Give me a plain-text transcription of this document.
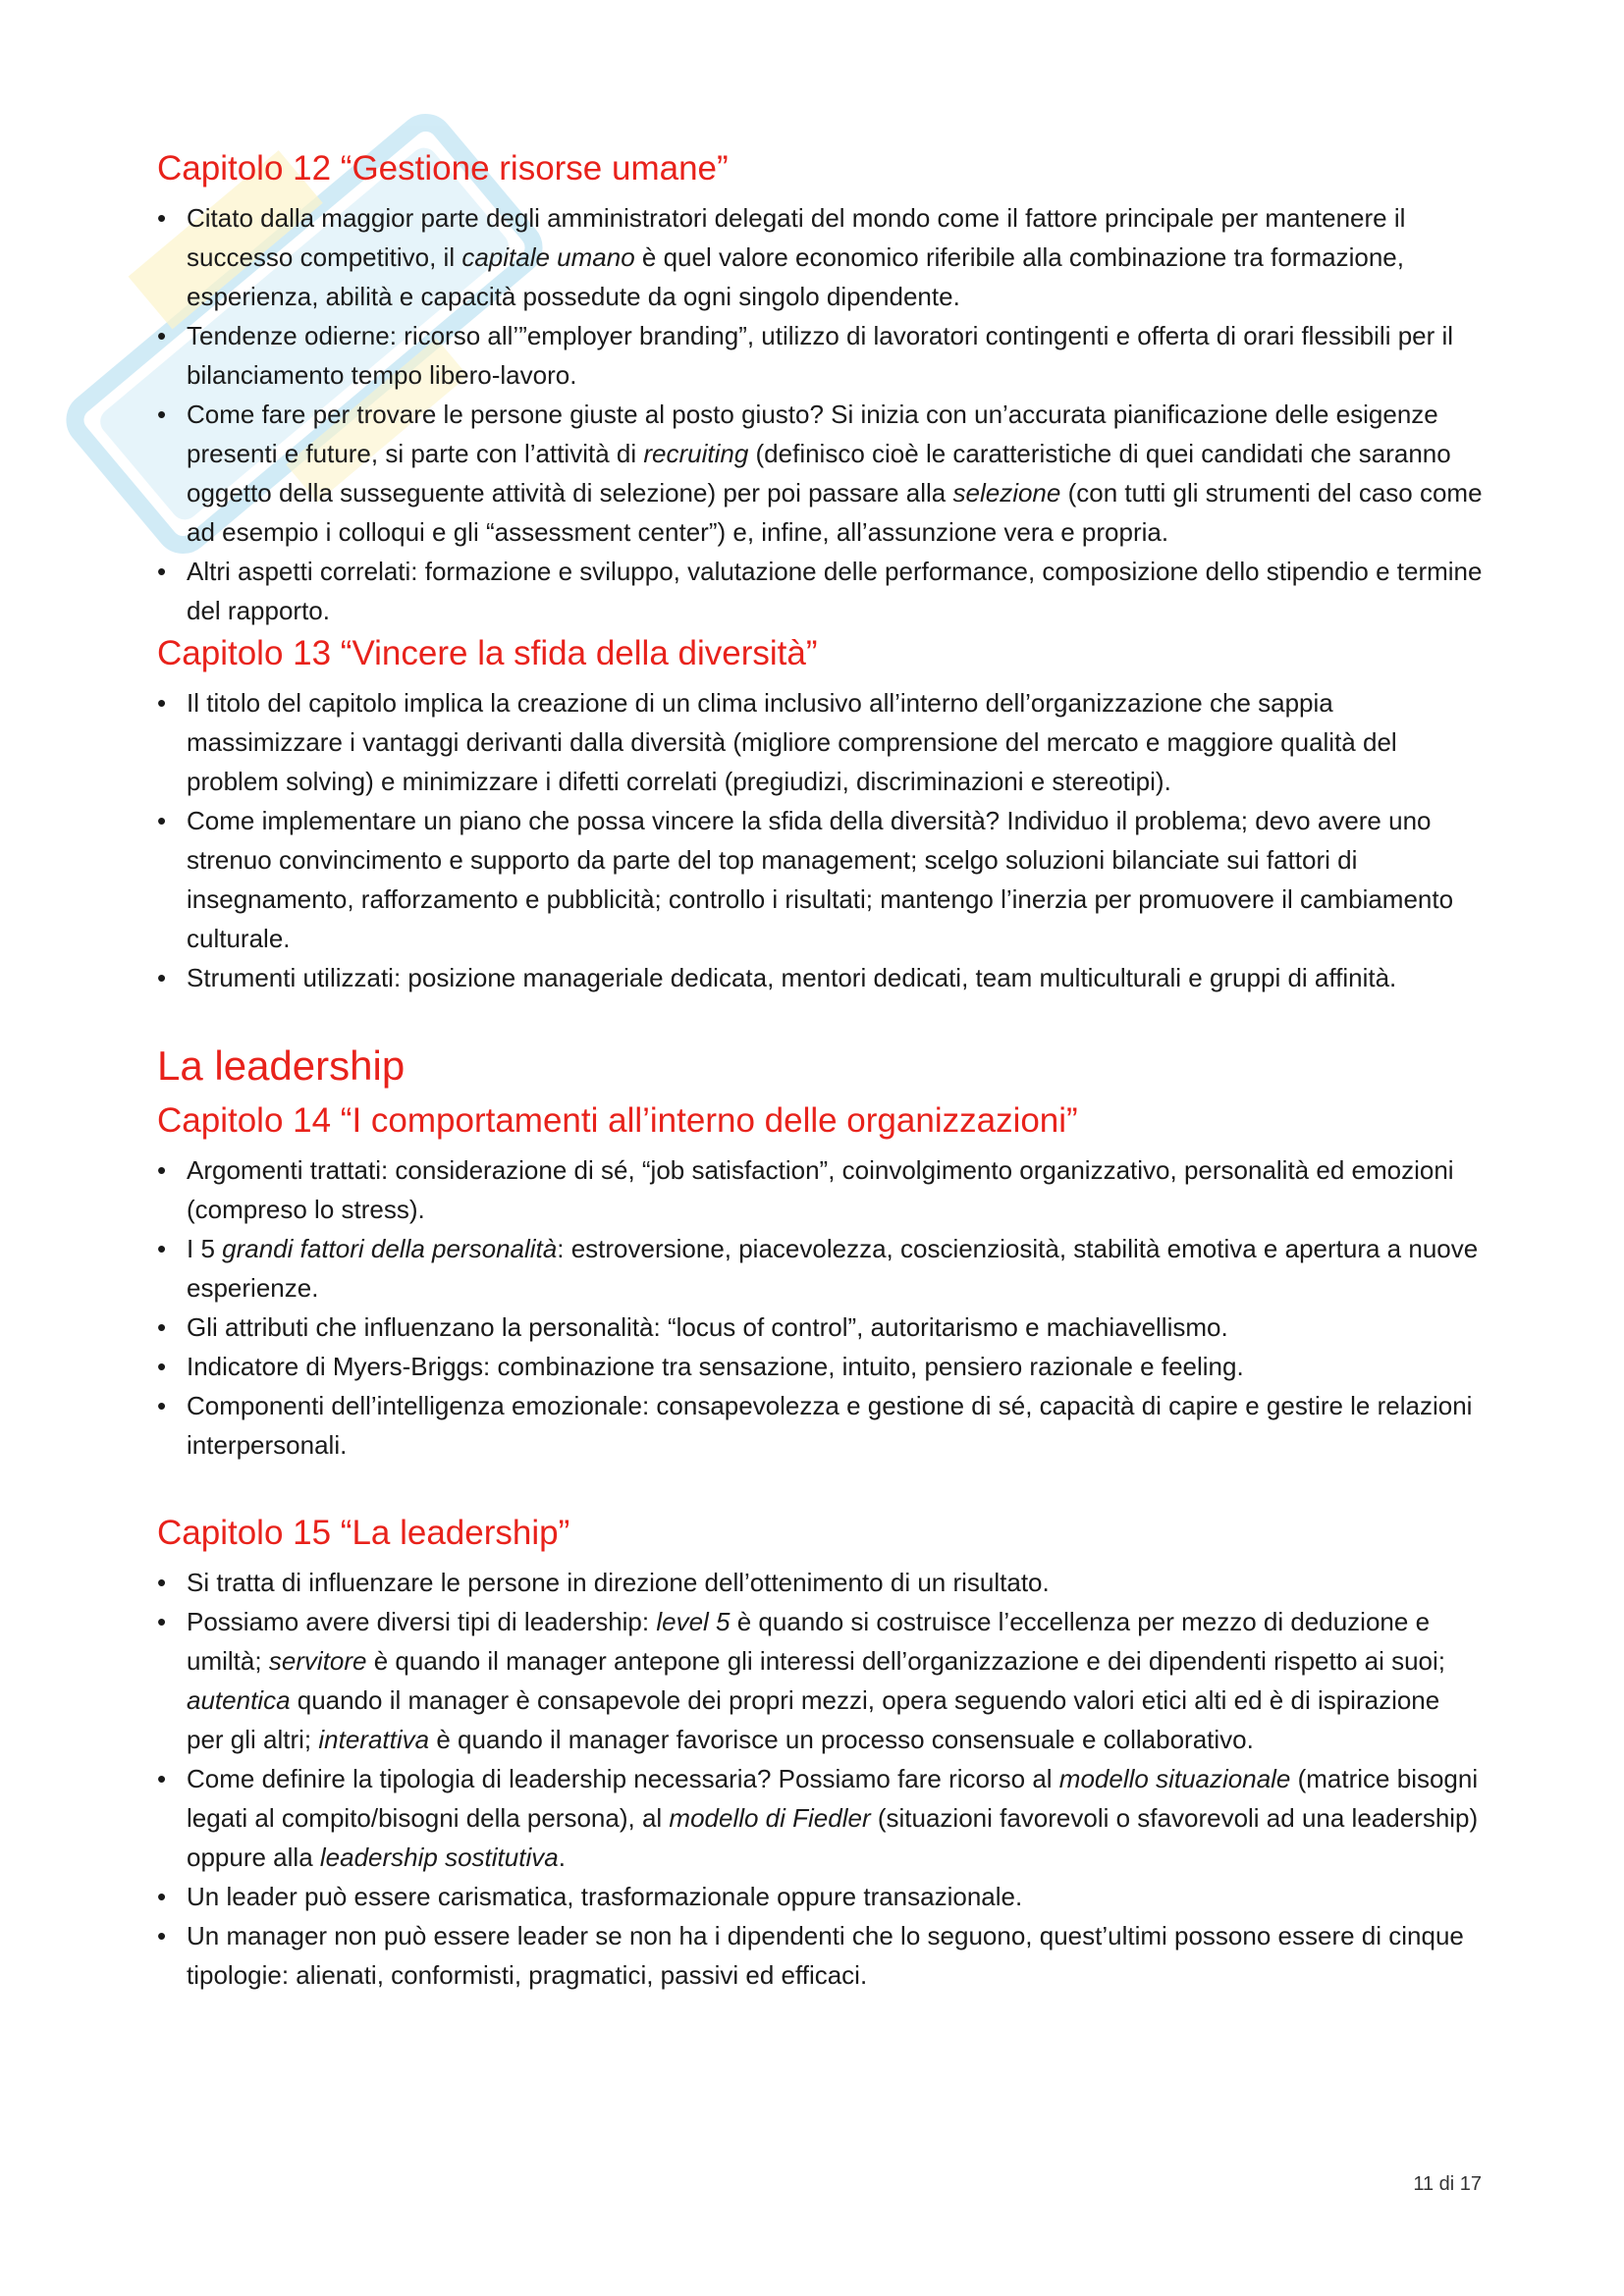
Capitolo 12 “Gestione risorse umane”
• Citato dalla maggior parte degli amministratori delegati del mondo come il fattore principale per mantenere il successo competitivo, il capitale umano è quel valore economico riferibile alla combinazione tra formazione, esperienza, abilità e capacità possedute da ogni singolo dipendente.
• Tendenze odierne: ricorso all’”employer branding”, utilizzo di lavoratori contingenti e offerta di orari flessibili per il bilanciamento tempo libero-lavoro.
• Come fare per trovare le persone giuste al posto giusto? Si inizia con un’accurata pianificazione delle esigenze presenti e future, si parte con l’attività di recruiting (definisco cioè le caratteristiche di quei candidati che saranno oggetto della susseguente attività di selezione) per poi passare alla selezione (con tutti gli strumenti del caso come ad esempio i colloqui e gli “assessment center”) e, infine, all’assunzione vera e propria.
• Altri aspetti correlati: formazione e sviluppo, valutazione delle performance, composizione dello stipendio e termine del rapporto.
Capitolo 13 “Vincere la sfida della diversità”
• Il titolo del capitolo implica la creazione di un clima inclusivo all’interno dell’organizzazione che sappia massimizzare i vantaggi derivanti dalla diversità (migliore comprensione del mercato e maggiore qualità del problem solving) e minimizzare i difetti correlati (pregiudizi, discriminazioni e stereotipi).
• Come implementare un piano che possa vincere la sfida della diversità? Individuo il problema; devo avere uno strenuo convincimento e supporto da parte del top management; scelgo soluzioni bilanciate sui fattori di insegnamento, rafforzamento e pubblicità; controllo i risultati; mantengo l’inerzia per promuovere il cambiamento culturale.
• Strumenti utilizzati: posizione manageriale dedicata, mentori dedicati, team multiculturali e gruppi di affinità.
La leadership
Capitolo 14 “I comportamenti all’interno delle organizzazioni”
• Argomenti trattati: considerazione di sé, “job satisfaction”, coinvolgimento organizzativo, personalità ed emozioni (compreso lo stress).
• I 5 grandi fattori della personalità: estroversione, piacevolezza, coscienziosità, stabilità emotiva e apertura a nuove esperienze.
• Gli attributi che influenzano la personalità: “locus of control”, autoritarismo e machiavellismo.
• Indicatore di Myers-Briggs: combinazione tra sensazione, intuito, pensiero razionale e feeling.
• Componenti dell’intelligenza emozionale: consapevolezza e gestione di sé, capacità di capire e gestire le relazioni interpersonali.
Capitolo 15 “La leadership”
• Si tratta di influenzare le persone in direzione dell’ottenimento di un risultato.
• Possiamo avere diversi tipi di leadership: level 5 è quando si costruisce l’eccellenza per mezzo di deduzione e umiltà; servitore è quando il manager antepone gli interessi dell’organizzazione e dei dipendenti rispetto ai suoi; autentica quando il manager è consapevole dei propri mezzi, opera seguendo valori etici alti ed è di ispirazione per gli altri; interattiva è quando il manager favorisce un processo consensuale e collaborativo.
• Come definire la tipologia di leadership necessaria? Possiamo fare ricorso al modello situazionale (matrice bisogni legati al compito/bisogni della persona), al modello di Fiedler (situazioni favorevoli o sfavorevoli ad una leadership) oppure alla leadership sostitutiva.
• Un leader può essere carismatica, trasformazionale oppure transazionale.
• Un manager non può essere leader se non ha i dipendenti che lo seguono, quest’ultimi possono essere di cinque tipologie: alienati, conformisti, pragmatici, passivi ed efficaci.
11 di 17
